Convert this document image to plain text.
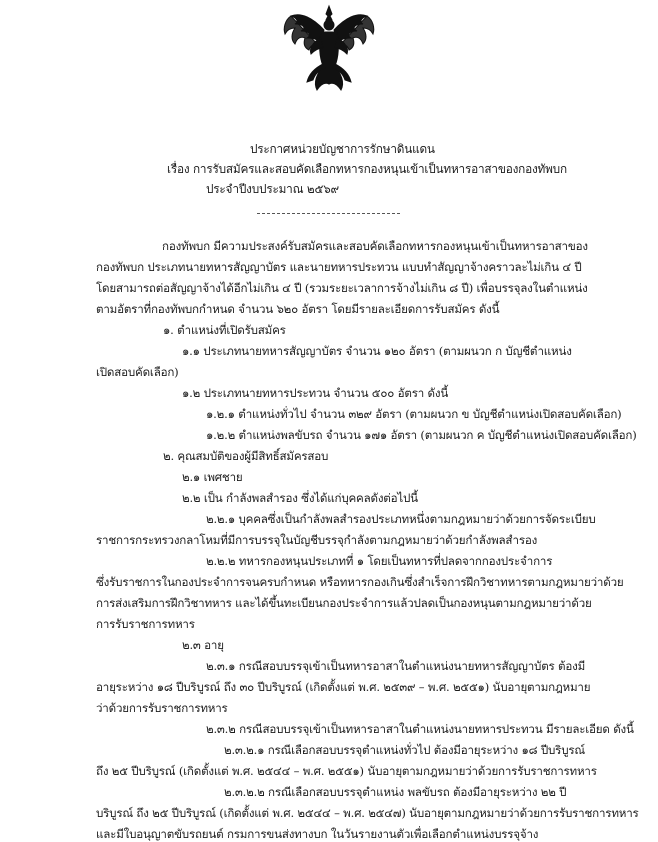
ประกาศหน่วยบัญชาการรักษาดินแดน
เรื่อง การรับสมัครและสอบคัดเลือกทหารกองหนุนเข้าเป็นทหารอาสาของกองทัพบก
ประจำปีงบประมาณ ๒๕๖๙
กองทัพบก มีความประสงค์รับสมัครและสอบคัดเลือกทหารกองหนุนเข้าเป็นทหารอาสาของ
กองทัพบก ประเภทนายทหารสัญญาบัตร และนายทหารประทวน แบบทำสัญญาจ้างคราวละไม่เกิน ๔ ปี
โดยสามารถต่อสัญญาจ้างได้อีกไม่เกิน ๔ ปี (รวมระยะเวลาการจ้างไม่เกิน ๘ ปี) เพื่อบรรจุลงในตำแหน่ง
ตามอัตราที่กองทัพบกกำหนด จำนวน ๖๒๐ อัตรา โดยมีรายละเอียดการรับสมัคร ดังนี้
๑. ตำแหน่งที่เปิดรับสมัคร
๑.๑ ประเภทนายทหารสัญญาบัตร จำนวน ๑๒๐ อัตรา (ตามผนวก ก บัญชีตำแหน่ง
เปิดสอบคัดเลือก)
๑.๒ ประเภทนายทหารประทวน จำนวน ๕๐๐ อัตรา ดังนี้
๑.๒.๑ ตำแหน่งทั่วไป จำนวน ๓๒๙ อัตรา (ตามผนวก ข บัญชีตำแหน่งเปิดสอบคัดเลือก)
๑.๒.๒ ตำแหน่งพลขับรถ จำนวน ๑๗๑ อัตรา (ตามผนวก ค บัญชีตำแหน่งเปิดสอบคัดเลือก)
๒. คุณสมบัติของผู้มีสิทธิ์สมัครสอบ
๒.๑ เพศชาย
๒.๒ เป็น กำลังพลสำรอง ซึ่งได้แก่บุคคลดังต่อไปนี้
๒.๒.๑ บุคคลซึ่งเป็นกำลังพลสำรองประเภทหนึ่งตามกฎหมายว่าด้วยการจัดระเบียบ
ราชการกระทรวงกลาโหมที่มีการบรรจุในบัญชีบรรจุกำลังตามกฎหมายว่าด้วยกำลังพลสำรอง
๒.๒.๒ ทหารกองหนุนประเภทที่ ๑ โดยเป็นทหารที่ปลดจากกองประจำการ
ซึ่งรับราชการในกองประจำการจนครบกำหนด หรือทหารกองเกินซึ่งสำเร็จการฝึกวิชาทหารตามกฎหมายว่าด้วย
การส่งเสริมการฝึกวิชาทหาร และได้ขึ้นทะเบียนกองประจำการแล้วปลดเป็นกองหนุนตามกฎหมายว่าด้วย
การรับราชการทหาร
๒.๓ อายุ
๒.๓.๑ กรณีสอบบรรจุเข้าเป็นทหารอาสาในตำแหน่งนายทหารสัญญาบัตร ต้องมี
อายุระหว่าง ๑๘ ปีบริบูรณ์ ถึง ๓๐ ปีบริบูรณ์ (เกิดตั้งแต่ พ.ศ. ๒๕๓๙ – พ.ศ. ๒๕๕๑) นับอายุตามกฎหมาย
ว่าด้วยการรับราชการทหาร
๒.๓.๒ กรณีสอบบรรจุเข้าเป็นทหารอาสาในตำแหน่งนายทหารประทวน มีรายละเอียด ดังนี้
๒.๓.๒.๑ กรณีเลือกสอบบรรจุตำแหน่งทั่วไป ต้องมีอายุระหว่าง ๑๘ ปีบริบูรณ์
ถึง ๒๕ ปีบริบูรณ์ (เกิดตั้งแต่ พ.ศ. ๒๕๔๔ – พ.ศ. ๒๕๕๑) นับอายุตามกฎหมายว่าด้วยการรับราชการทหาร
๒.๓.๒.๒ กรณีเลือกสอบบรรจุตำแหน่ง พลขับรถ ต้องมีอายุระหว่าง ๒๒ ปี
บริบูรณ์ ถึง ๒๕ ปีบริบูรณ์ (เกิดตั้งแต่ พ.ศ. ๒๕๔๔ – พ.ศ. ๒๕๔๗) นับอายุตามกฎหมายว่าด้วยการรับราชการทหาร
และมีใบอนุญาตขับรถยนต์ กรมการขนส่งทางบก ในวันรายงานตัวเพื่อเลือกตำแหน่งบรรจุจ้าง
